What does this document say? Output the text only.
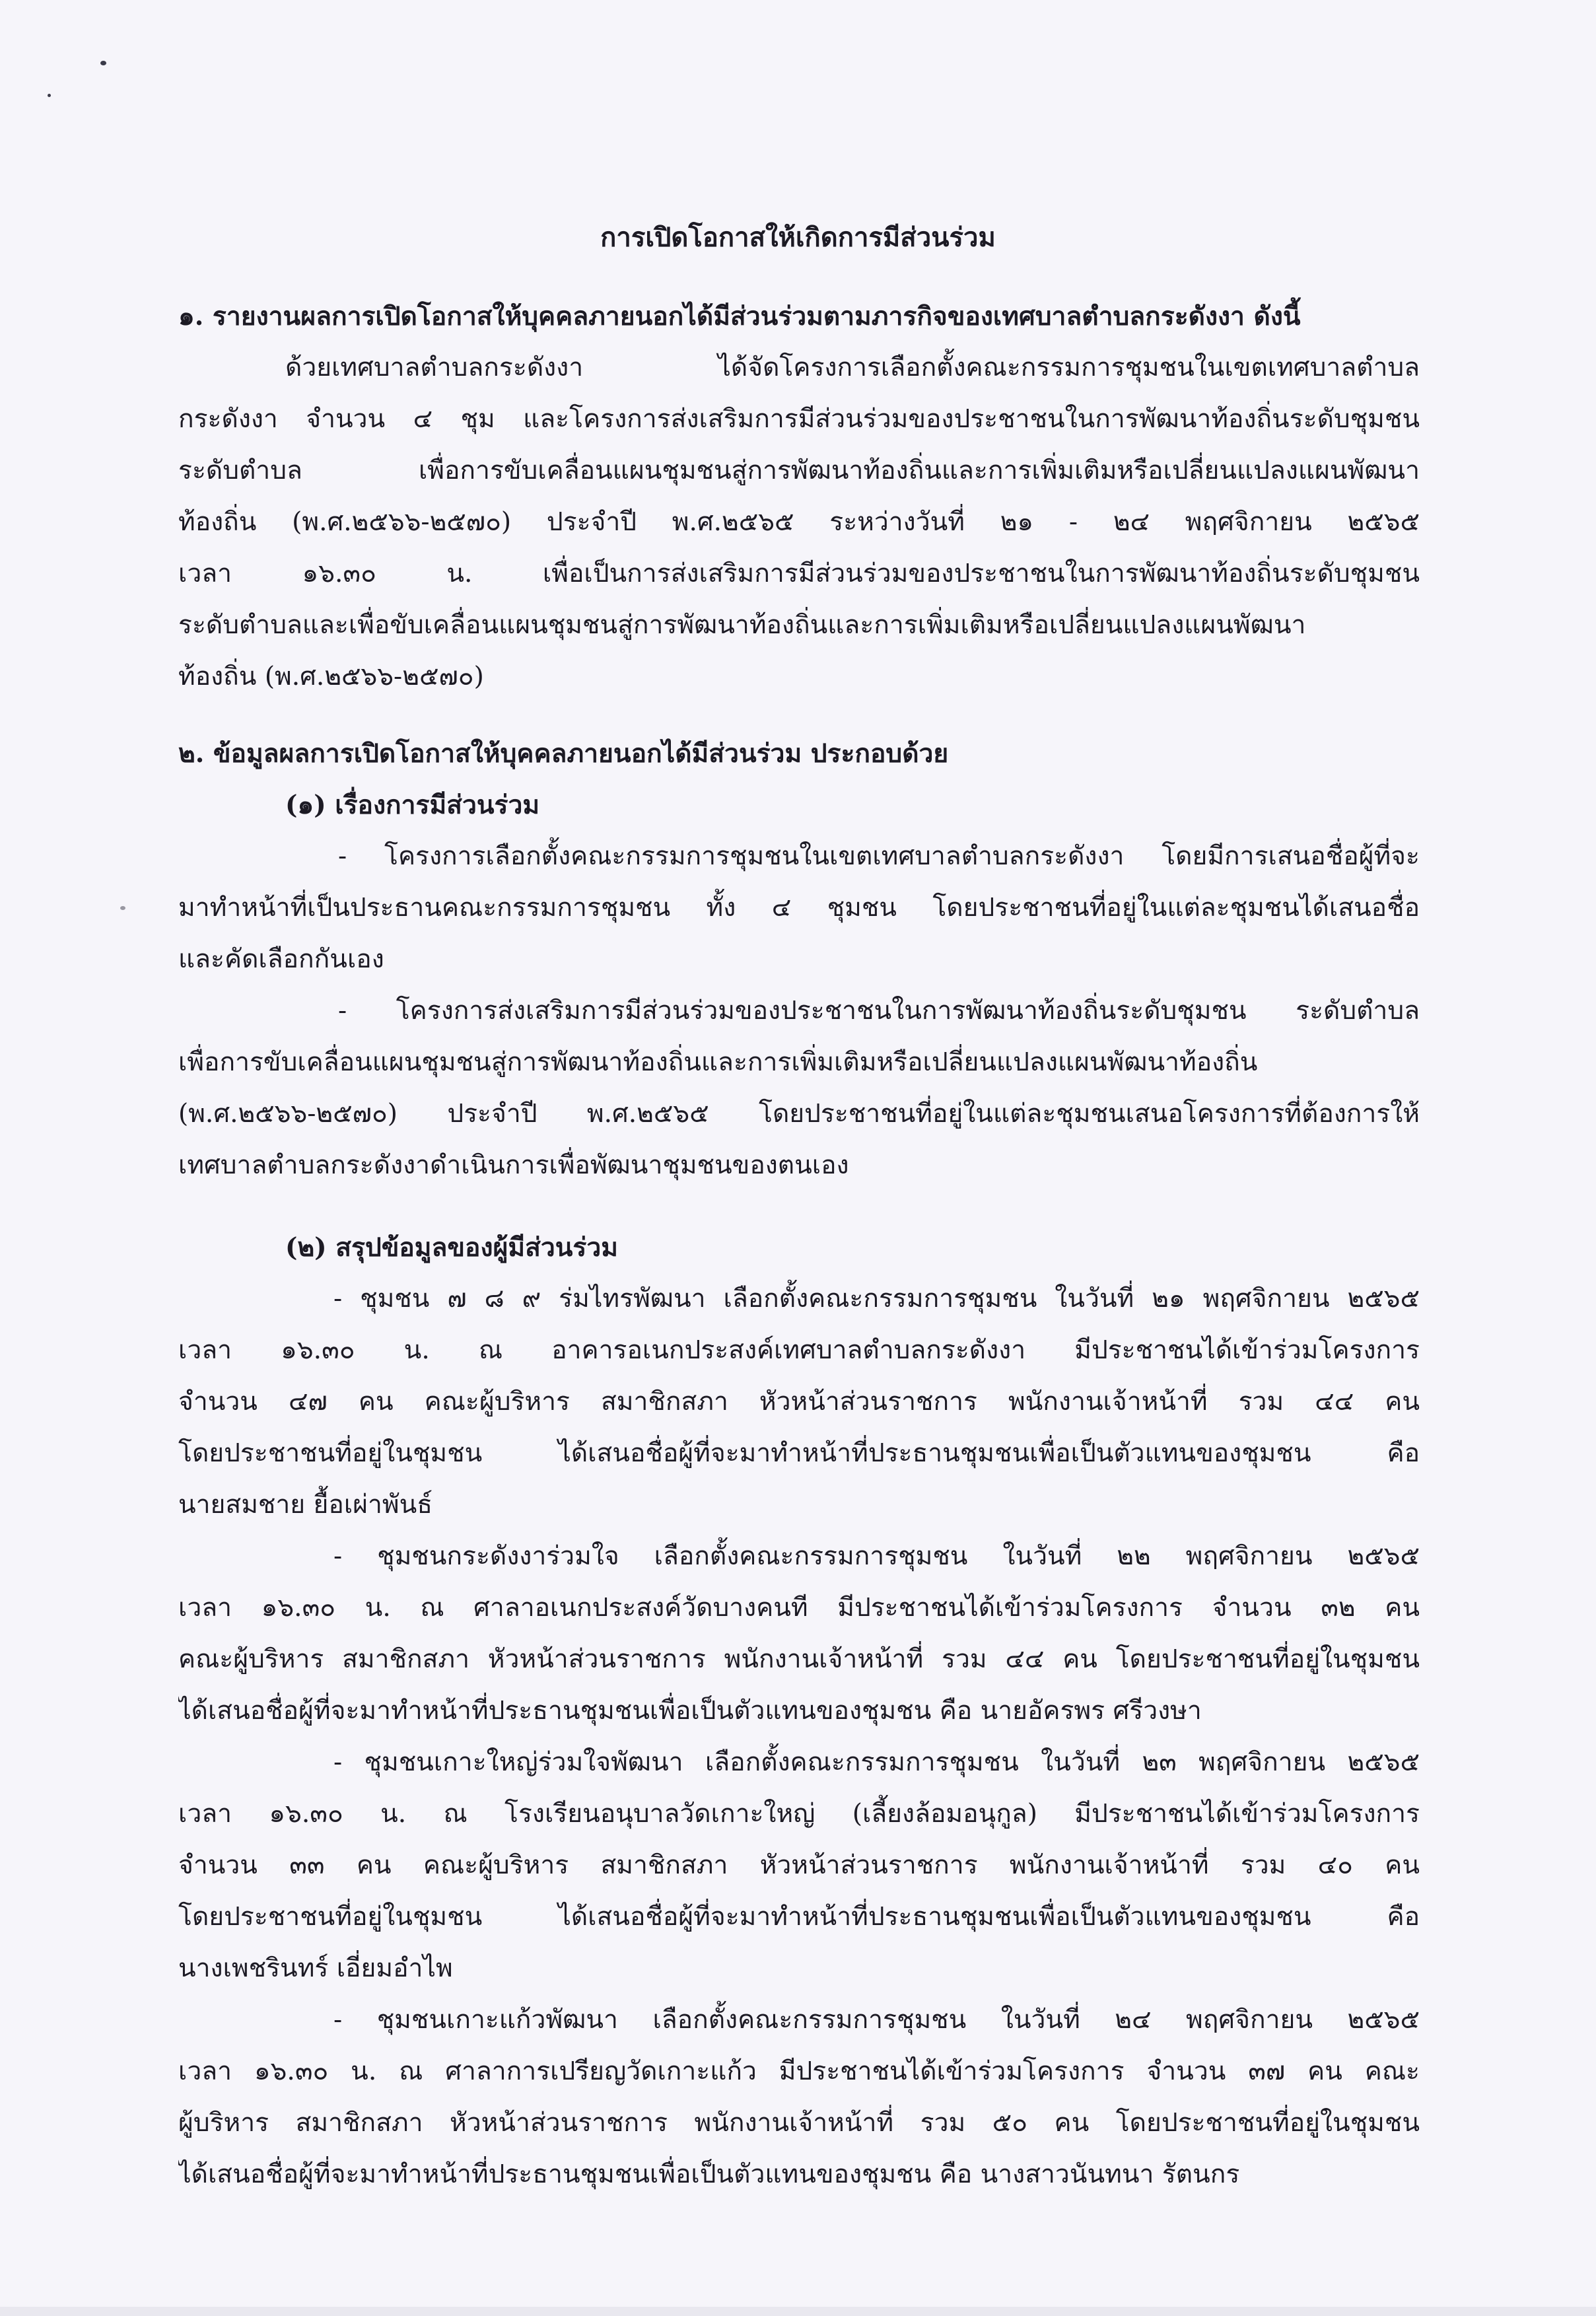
การเปิดโอกาสให้เกิดการมีส่วนร่วม
๑. รายงานผลการเปิดโอกาสให้บุคคลภายนอกได้มีส่วนร่วมตามภารกิจของเทศบาลตำบลกระดังงา ดังนี้
ด้วยเทศบาลตำบลกระดังงา ได้จัดโครงการเลือกตั้งคณะกรรมการชุมชนในเขตเทศบาลตำบล
กระดังงา จำนวน ๔ ชุม และโครงการส่งเสริมการมีส่วนร่วมของประชาชนในการพัฒนาท้องถิ่นระดับชุมชน
ระดับตำบล เพื่อการขับเคลื่อนแผนชุมชนสู่การพัฒนาท้องถิ่นและการเพิ่มเติมหรือเปลี่ยนแปลงแผนพัฒนา
ท้องถิ่น (พ.ศ.๒๕๖๖-๒๕๗๐) ประจำปี พ.ศ.๒๕๖๕ ระหว่างวันที่ ๒๑ - ๒๔ พฤศจิกายน ๒๕๖๕
เวลา ๑๖.๓๐ น. เพื่อเป็นการส่งเสริมการมีส่วนร่วมของประชาชนในการพัฒนาท้องถิ่นระดับชุมชน
ระดับตำบลและเพื่อขับเคลื่อนแผนชุมชนสู่การพัฒนาท้องถิ่นและการเพิ่มเติมหรือเปลี่ยนแปลงแผนพัฒนา
ท้องถิ่น (พ.ศ.๒๕๖๖-๒๕๗๐)
๒. ข้อมูลผลการเปิดโอกาสให้บุคคลภายนอกได้มีส่วนร่วม ประกอบด้วย
(๑) เรื่องการมีส่วนร่วม
- โครงการเลือกตั้งคณะกรรมการชุมชนในเขตเทศบาลตำบลกระดังงา โดยมีการเสนอชื่อผู้ที่จะ
มาทำหน้าที่เป็นประธานคณะกรรมการชุมชน ทั้ง ๔ ชุมชน โดยประชาชนที่อยู่ในแต่ละชุมชนได้เสนอชื่อ
และคัดเลือกกันเอง
- โครงการส่งเสริมการมีส่วนร่วมของประชาชนในการพัฒนาท้องถิ่นระดับชุมชน ระดับตำบล
เพื่อการขับเคลื่อนแผนชุมชนสู่การพัฒนาท้องถิ่นและการเพิ่มเติมหรือเปลี่ยนแปลงแผนพัฒนาท้องถิ่น
(พ.ศ.๒๕๖๖-๒๕๗๐) ประจำปี พ.ศ.๒๕๖๕ โดยประชาชนที่อยู่ในแต่ละชุมชนเสนอโครงการที่ต้องการให้
เทศบาลตำบลกระดังงาดำเนินการเพื่อพัฒนาชุมชนของตนเอง
(๒) สรุปข้อมูลของผู้มีส่วนร่วม
- ชุมชน ๗ ๘ ๙ ร่มไทรพัฒนา เลือกตั้งคณะกรรมการชุมชน ในวันที่ ๒๑ พฤศจิกายน ๒๕๖๕
เวลา ๑๖.๓๐ น. ณ อาคารอเนกประสงค์เทศบาลตำบลกระดังงา มีประชาชนได้เข้าร่วมโครงการ
จำนวน ๔๗ คน คณะผู้บริหาร สมาชิกสภา หัวหน้าส่วนราชการ พนักงานเจ้าหน้าที่ รวม ๔๔ คน
โดยประชาชนที่อยู่ในชุมชน ได้เสนอชื่อผู้ที่จะมาทำหน้าที่ประธานชุมชนเพื่อเป็นตัวแทนของชุมชน คือ
นายสมชาย ยื้อเผ่าพันธ์
- ชุมชนกระดังงาร่วมใจ เลือกตั้งคณะกรรมการชุมชน ในวันที่ ๒๒ พฤศจิกายน ๒๕๖๕
เวลา ๑๖.๓๐ น. ณ ศาลาอเนกประสงค์วัดบางคนที มีประชาชนได้เข้าร่วมโครงการ จำนวน ๓๒ คน
คณะผู้บริหาร สมาชิกสภา หัวหน้าส่วนราชการ พนักงานเจ้าหน้าที่ รวม ๔๔ คน โดยประชาชนที่อยู่ในชุมชน
ได้เสนอชื่อผู้ที่จะมาทำหน้าที่ประธานชุมชนเพื่อเป็นตัวแทนของชุมชน คือ นายอัครพร ศรีวงษา
- ชุมชนเกาะใหญ่ร่วมใจพัฒนา เลือกตั้งคณะกรรมการชุมชน ในวันที่ ๒๓ พฤศจิกายน ๒๕๖๕
เวลา ๑๖.๓๐ น. ณ โรงเรียนอนุบาลวัดเกาะใหญ่ (เลี้ยงล้อมอนุกูล) มีประชาชนได้เข้าร่วมโครงการ
จำนวน ๓๓ คน คณะผู้บริหาร สมาชิกสภา หัวหน้าส่วนราชการ พนักงานเจ้าหน้าที่ รวม ๔๐ คน
โดยประชาชนที่อยู่ในชุมชน ได้เสนอชื่อผู้ที่จะมาทำหน้าที่ประธานชุมชนเพื่อเป็นตัวแทนของชุมชน คือ
นางเพชรินทร์ เอี่ยมอำไพ
- ชุมชนเกาะแก้วพัฒนา เลือกตั้งคณะกรรมการชุมชน ในวันที่ ๒๔ พฤศจิกายน ๒๕๖๕
เวลา ๑๖.๓๐ น. ณ ศาลาการเปรียญวัดเกาะแก้ว มีประชาชนได้เข้าร่วมโครงการ จำนวน ๓๗ คน คณะ
ผู้บริหาร สมาชิกสภา หัวหน้าส่วนราชการ พนักงานเจ้าหน้าที่ รวม ๕๐ คน โดยประชาชนที่อยู่ในชุมชน
ได้เสนอชื่อผู้ที่จะมาทำหน้าที่ประธานชุมชนเพื่อเป็นตัวแทนของชุมชน คือ นางสาวนันทนา รัตนกร
